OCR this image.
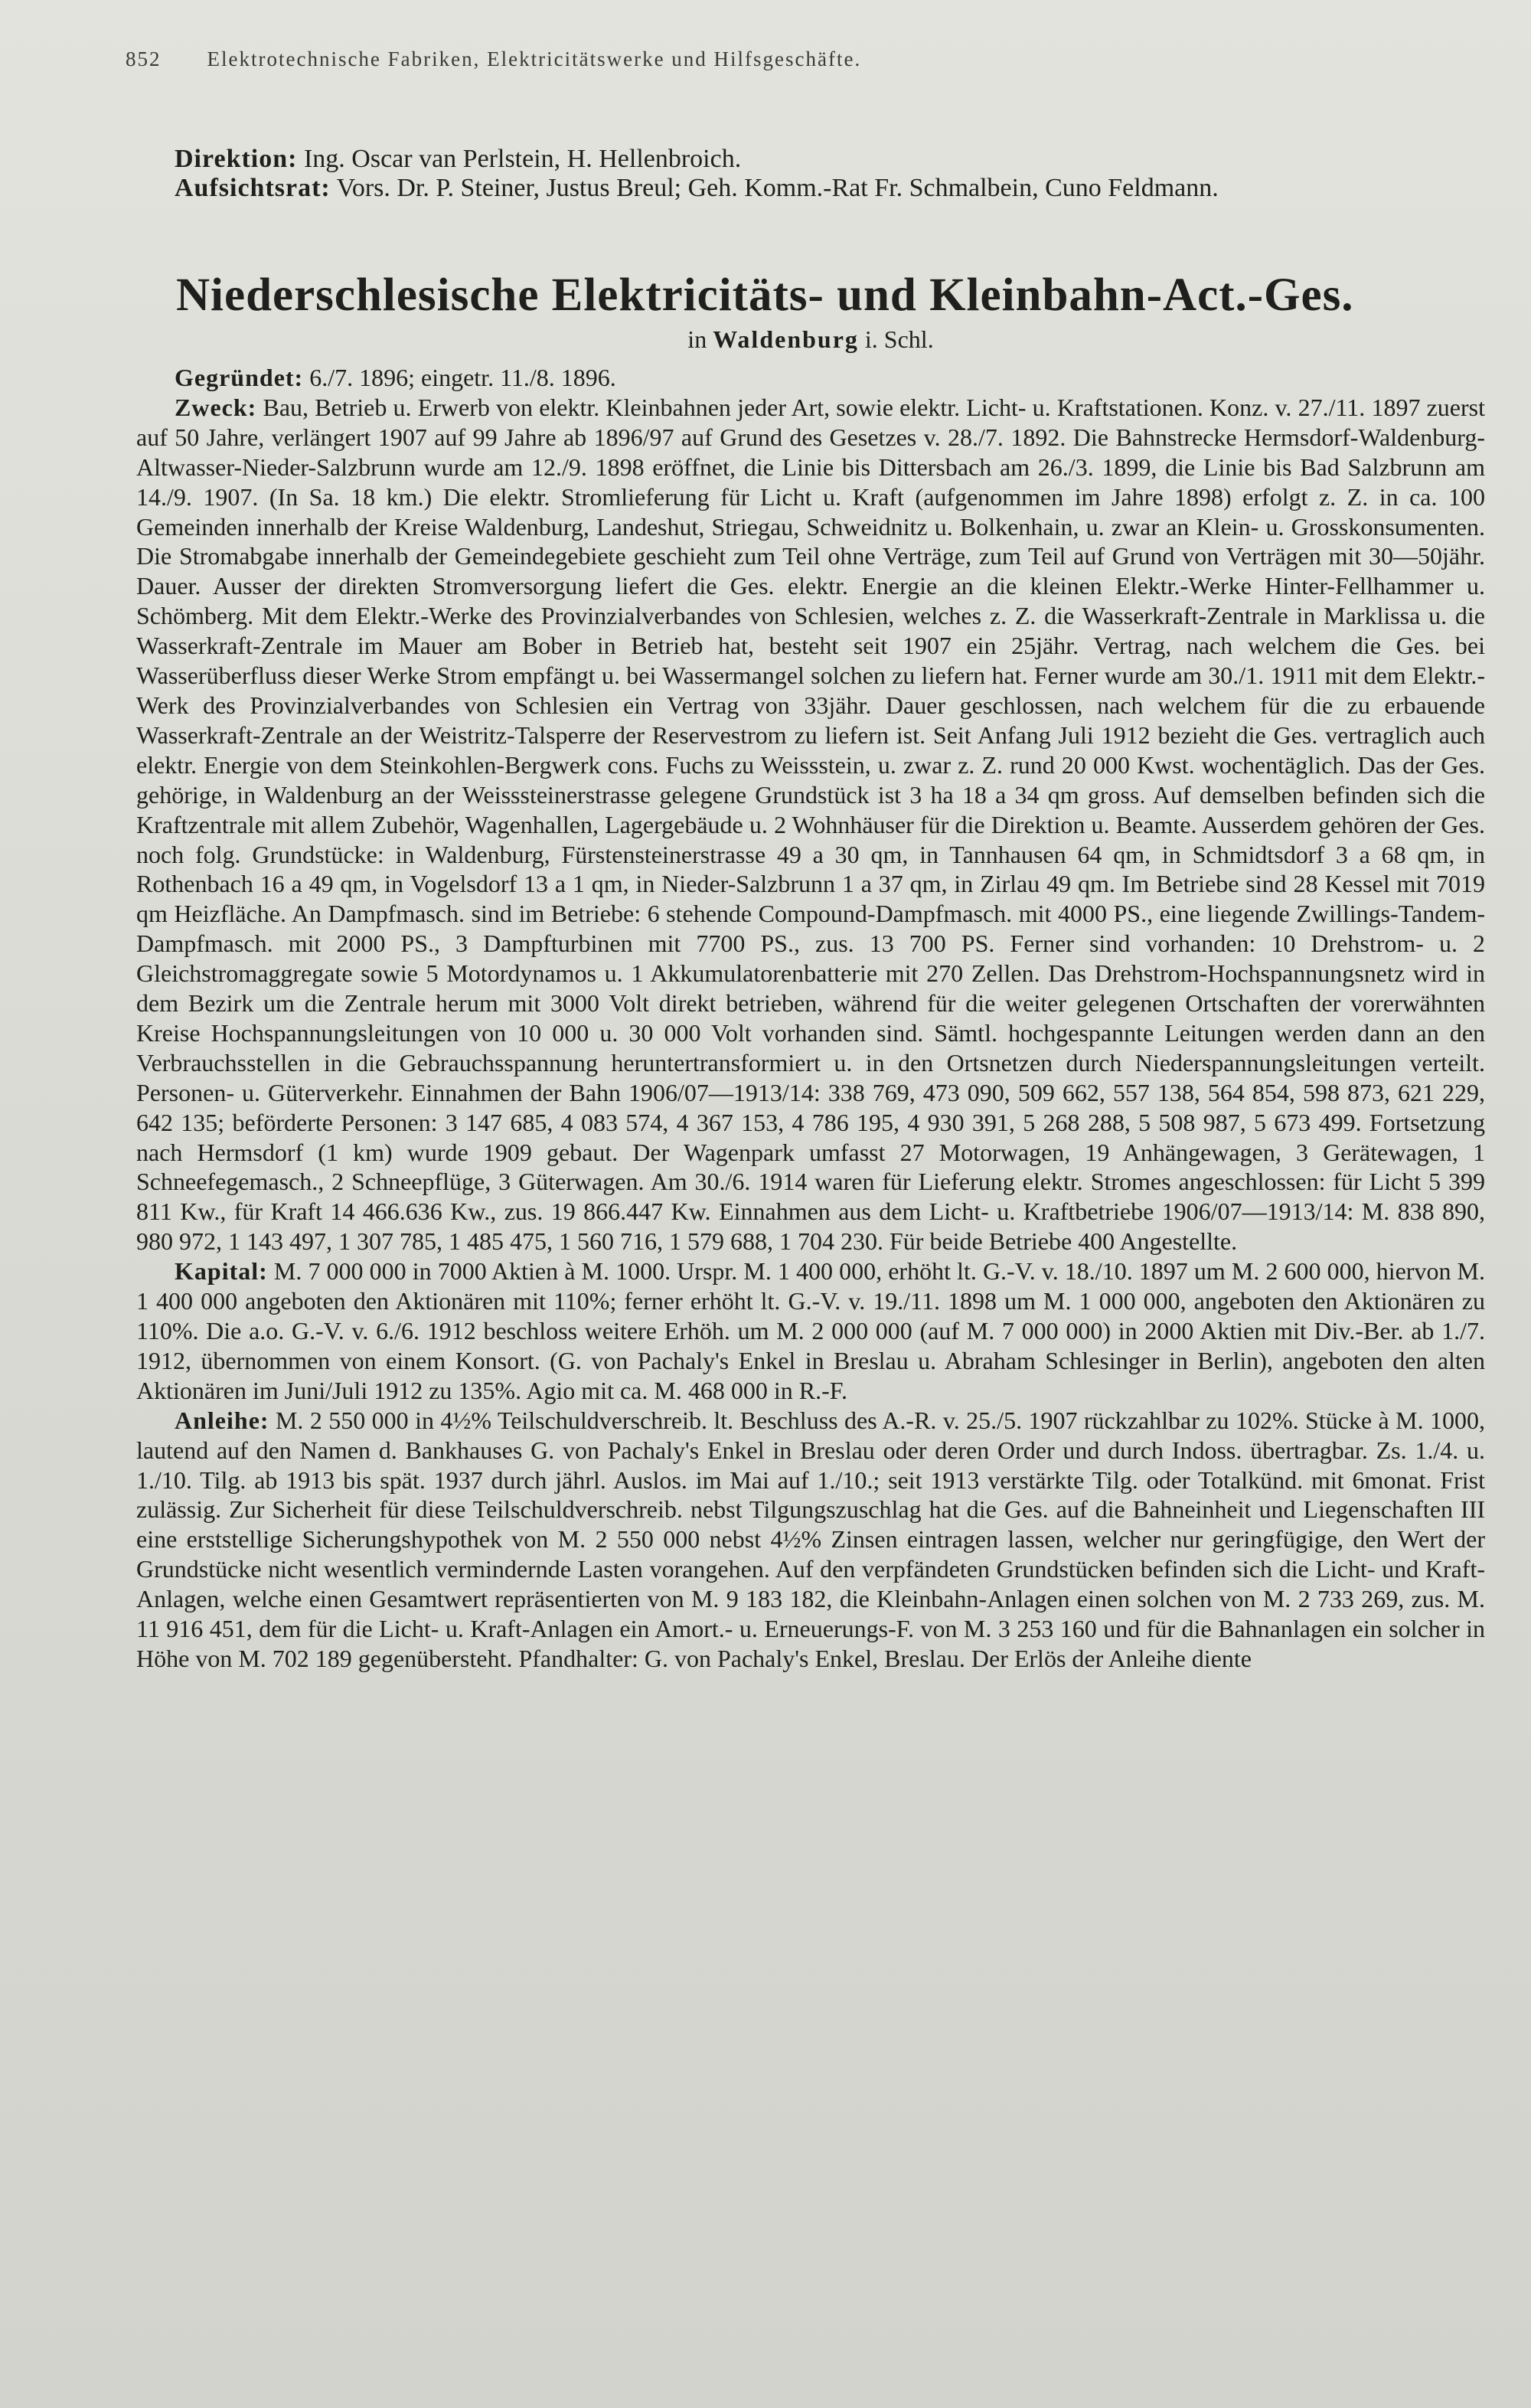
852 Elektrotechnische Fabriken, Elektricitätswerke und Hilfsgeschäfte.

Direktion: Ing. Oscar van Perlstein, H. Hellenbroich.

Aufsichtsrat: Vors. Dr. P. Steiner, Justus Breul; Geh. Komm.-Rat Fr. Schmalbein, Cuno Feldmann.

Niederschlesische Elektricitäts- und Kleinbahn-Act.-Ges.
in Waldenburg i. Schl.

Gegründet: 6./7. 1896; eingetr. 11./8. 1896.

Zweck: Bau, Betrieb u. Erwerb von elektr. Kleinbahnen jeder Art, sowie elektr. Licht- u. Kraftstationen. Konz. v. 27./11. 1897 zuerst auf 50 Jahre, verlängert 1907 auf 99 Jahre ab 1896/97 auf Grund des Gesetzes v. 28./7. 1892. Die Bahnstrecke Hermsdorf-Waldenburg-Altwasser-Nieder-Salzbrunn wurde am 12./9. 1898 eröffnet, die Linie bis Dittersbach am 26./3. 1899, die Linie bis Bad Salzbrunn am 14./9. 1907. (In Sa. 18 km.) Die elektr. Stromlieferung für Licht u. Kraft (aufgenommen im Jahre 1898) erfolgt z. Z. in ca. 100 Gemeinden innerhalb der Kreise Waldenburg, Landeshut, Striegau, Schweidnitz u. Bolkenhain, u. zwar an Klein- u. Grosskonsumenten. Die Stromabgabe innerhalb der Gemeindegebiete geschieht zum Teil ohne Verträge, zum Teil auf Grund von Verträgen mit 30—50jähr. Dauer. Ausser der direkten Stromversorgung liefert die Ges. elektr. Energie an die kleinen Elektr.-Werke Hinter-Fellhammer u. Schömberg. Mit dem Elektr.-Werke des Provinzialverbandes von Schlesien, welches z. Z. die Wasserkraft-Zentrale in Marklissa u. die Wasserkraft-Zentrale im Mauer am Bober in Betrieb hat, besteht seit 1907 ein 25jähr. Vertrag, nach welchem die Ges. bei Wasserüberfluss dieser Werke Strom empfängt u. bei Wassermangel solchen zu liefern hat. Ferner wurde am 30./1. 1911 mit dem Elektr.-Werk des Provinzialverbandes von Schlesien ein Vertrag von 33jähr. Dauer geschlossen, nach welchem für die zu erbauende Wasserkraft-Zentrale an der Weistritz-Talsperre der Reservestrom zu liefern ist. Seit Anfang Juli 1912 bezieht die Ges. vertraglich auch elektr. Energie von dem Steinkohlen-Bergwerk cons. Fuchs zu Weissstein, u. zwar z. Z. rund 20 000 Kwst. wochentäglich. Das der Ges. gehörige, in Waldenburg an der Weisssteinerstrasse gelegene Grundstück ist 3 ha 18 a 34 qm gross. Auf demselben befinden sich die Kraftzentrale mit allem Zubehör, Wagenhallen, Lagergebäude u. 2 Wohnhäuser für die Direktion u. Beamte. Ausserdem gehören der Ges. noch folg. Grundstücke: in Waldenburg, Fürstensteinerstrasse 49 a 30 qm, in Tannhausen 64 qm, in Schmidtsdorf 3 a 68 qm, in Rothenbach 16 a 49 qm, in Vogelsdorf 13 a 1 qm, in Nieder-Salzbrunn 1 a 37 qm, in Zirlau 49 qm. Im Betriebe sind 28 Kessel mit 7019 qm Heizfläche. An Dampfmasch. sind im Betriebe: 6 stehende Compound-Dampfmasch. mit 4000 PS., eine liegende Zwillings-Tandem-Dampfmasch. mit 2000 PS., 3 Dampfturbinen mit 7700 PS., zus. 13 700 PS. Ferner sind vorhanden: 10 Drehstrom- u. 2 Gleichstromaggregate sowie 5 Motordynamos u. 1 Akkumulatorenbatterie mit 270 Zellen. Das Drehstrom-Hochspannungsnetz wird in dem Bezirk um die Zentrale herum mit 3000 Volt direkt betrieben, während für die weiter gelegenen Ortschaften der vorerwähnten Kreise Hochspannungsleitungen von 10 000 u. 30 000 Volt vorhanden sind. Sämtl. hochgespannte Leitungen werden dann an den Verbrauchsstellen in die Gebrauchsspannung heruntertransformiert u. in den Ortsnetzen durch Niederspannungsleitungen verteilt. Personen- u. Güterverkehr. Einnahmen der Bahn 1906/07—1913/14: 338 769, 473 090, 509 662, 557 138, 564 854, 598 873, 621 229, 642 135; beförderte Personen: 3 147 685, 4 083 574, 4 367 153, 4 786 195, 4 930 391, 5 268 288, 5 508 987, 5 673 499. Fortsetzung nach Hermsdorf (1 km) wurde 1909 gebaut. Der Wagenpark umfasst 27 Motorwagen, 19 Anhängewagen, 3 Gerätewagen, 1 Schneefegemasch., 2 Schneepflüge, 3 Güterwagen. Am 30./6. 1914 waren für Lieferung elektr. Stromes angeschlossen: für Licht 5 399 811 Kw., für Kraft 14 466.636 Kw., zus. 19 866.447 Kw. Einnahmen aus dem Licht- u. Kraftbetriebe 1906/07—1913/14: M. 838 890, 980 972, 1 143 497, 1 307 785, 1 485 475, 1 560 716, 1 579 688, 1 704 230. Für beide Betriebe 400 Angestellte.

Kapital: M. 7 000 000 in 7000 Aktien à M. 1000. Urspr. M. 1 400 000, erhöht lt. G.-V. v. 18./10. 1897 um M. 2 600 000, hiervon M. 1 400 000 angeboten den Aktionären mit 110%; ferner erhöht lt. G.-V. v. 19./11. 1898 um M. 1 000 000, angeboten den Aktionären zu 110%. Die a.o. G.-V. v. 6./6. 1912 beschloss weitere Erhöh. um M. 2 000 000 (auf M. 7 000 000) in 2000 Aktien mit Div.-Ber. ab 1./7. 1912, übernommen von einem Konsort. (G. von Pachaly's Enkel in Breslau u. Abraham Schlesinger in Berlin), angeboten den alten Aktionären im Juni/Juli 1912 zu 135%. Agio mit ca. M. 468 000 in R.-F.

Anleihe: M. 2 550 000 in 4½% Teilschuldverschreib. lt. Beschluss des A.-R. v. 25./5. 1907 rückzahlbar zu 102%. Stücke à M. 1000, lautend auf den Namen d. Bankhauses G. von Pachaly's Enkel in Breslau oder deren Order und durch Indoss. übertragbar. Zs. 1./4. u. 1./10. Tilg. ab 1913 bis spät. 1937 durch jährl. Auslos. im Mai auf 1./10.; seit 1913 verstärkte Tilg. oder Totalkünd. mit 6monat. Frist zulässig. Zur Sicherheit für diese Teilschuldverschreib. nebst Tilgungszuschlag hat die Ges. auf die Bahneinheit und Liegenschaften III eine erststellige Sicherungshypothek von M. 2 550 000 nebst 4½% Zinsen eintragen lassen, welcher nur geringfügige, den Wert der Grundstücke nicht wesentlich vermindernde Lasten vorangehen. Auf den verpfändeten Grundstücken befinden sich die Licht- und Kraft-Anlagen, welche einen Gesamtwert repräsentierten von M. 9 183 182, die Kleinbahn-Anlagen einen solchen von M. 2 733 269, zus. M. 11 916 451, dem für die Licht- u. Kraft-Anlagen ein Amort.- u. Erneuerungs-F. von M. 3 253 160 und für die Bahnanlagen ein solcher in Höhe von M. 702 189 gegenübersteht. Pfandhalter: G. von Pachaly's Enkel, Breslau. Der Erlös der Anleihe diente
